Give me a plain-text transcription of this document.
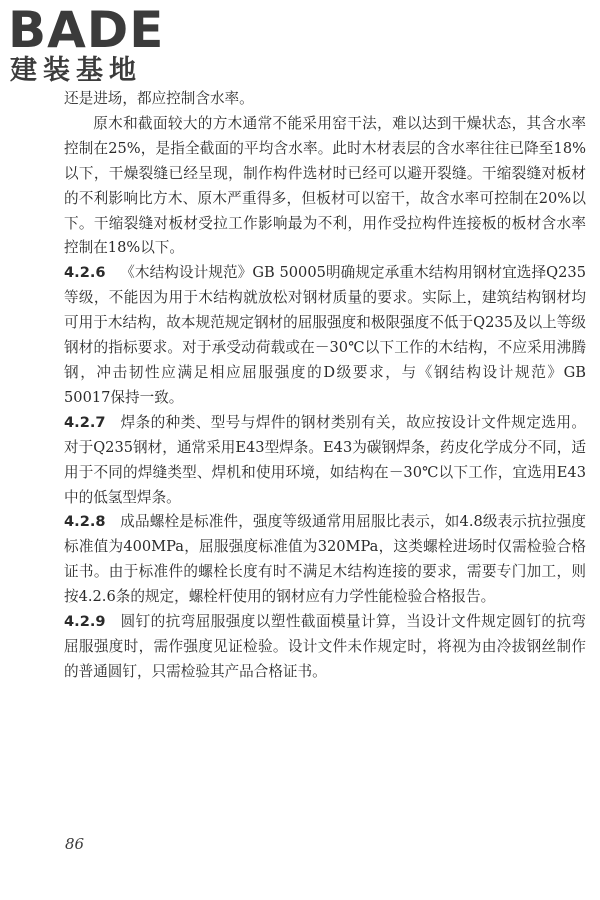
BADE
建装基地

还是进场，都应控制含水率。

原木和截面较大的方木通常不能采用窑干法，难以达到干燥状态，其含水率控制在25%，是指全截面的平均含水率。此时木材表层的含水率往往已降至18%以下，干燥裂缝已经呈现，制作构件选材时已经可以避开裂缝。干缩裂缝对板材的不利影响比方木、原木严重得多，但板材可以窑干，故含水率可控制在20%以下。干缩裂缝对板材受拉工作影响最为不利，用作受拉构件连接板的板材含水率控制在18%以下。

4.2.6  《木结构设计规范》GB 50005明确规定承重木结构用钢材宜选择Q235等级，不能因为用于木结构就放松对钢材质量的要求。实际上，建筑结构钢材均可用于木结构，故本规范规定钢材的屈服强度和极限强度不低于Q235及以上等级钢材的指标要求。对于承受动荷载或在－30℃以下工作的木结构，不应采用沸腾钢，冲击韧性应满足相应屈服强度的D级要求，与《钢结构设计规范》GB 50017保持一致。

4.2.7  焊条的种类、型号与焊件的钢材类别有关，故应按设计文件规定选用。对于Q235钢材，通常采用E43型焊条。E43为碳钢焊条，药皮化学成分不同，适用于不同的焊缝类型、焊机和使用环境，如结构在－30℃以下工作，宜选用E43中的低氢型焊条。

4.2.8  成品螺栓是标准件，强度等级通常用屈服比表示，如4.8级表示抗拉强度标准值为400MPa，屈服强度标准值为320MPa，这类螺栓进场时仅需检验合格证书。由于标准件的螺栓长度有时不满足木结构连接的要求，需要专门加工，则按4.2.6条的规定，螺栓杆使用的钢材应有力学性能检验合格报告。

4.2.9  圆钉的抗弯屈服强度以塑性截面模量计算，当设计文件规定圆钉的抗弯屈服强度时，需作强度见证检验。设计文件未作规定时，将视为由冷拔钢丝制作的普通圆钉，只需检验其产品合格证书。

86
